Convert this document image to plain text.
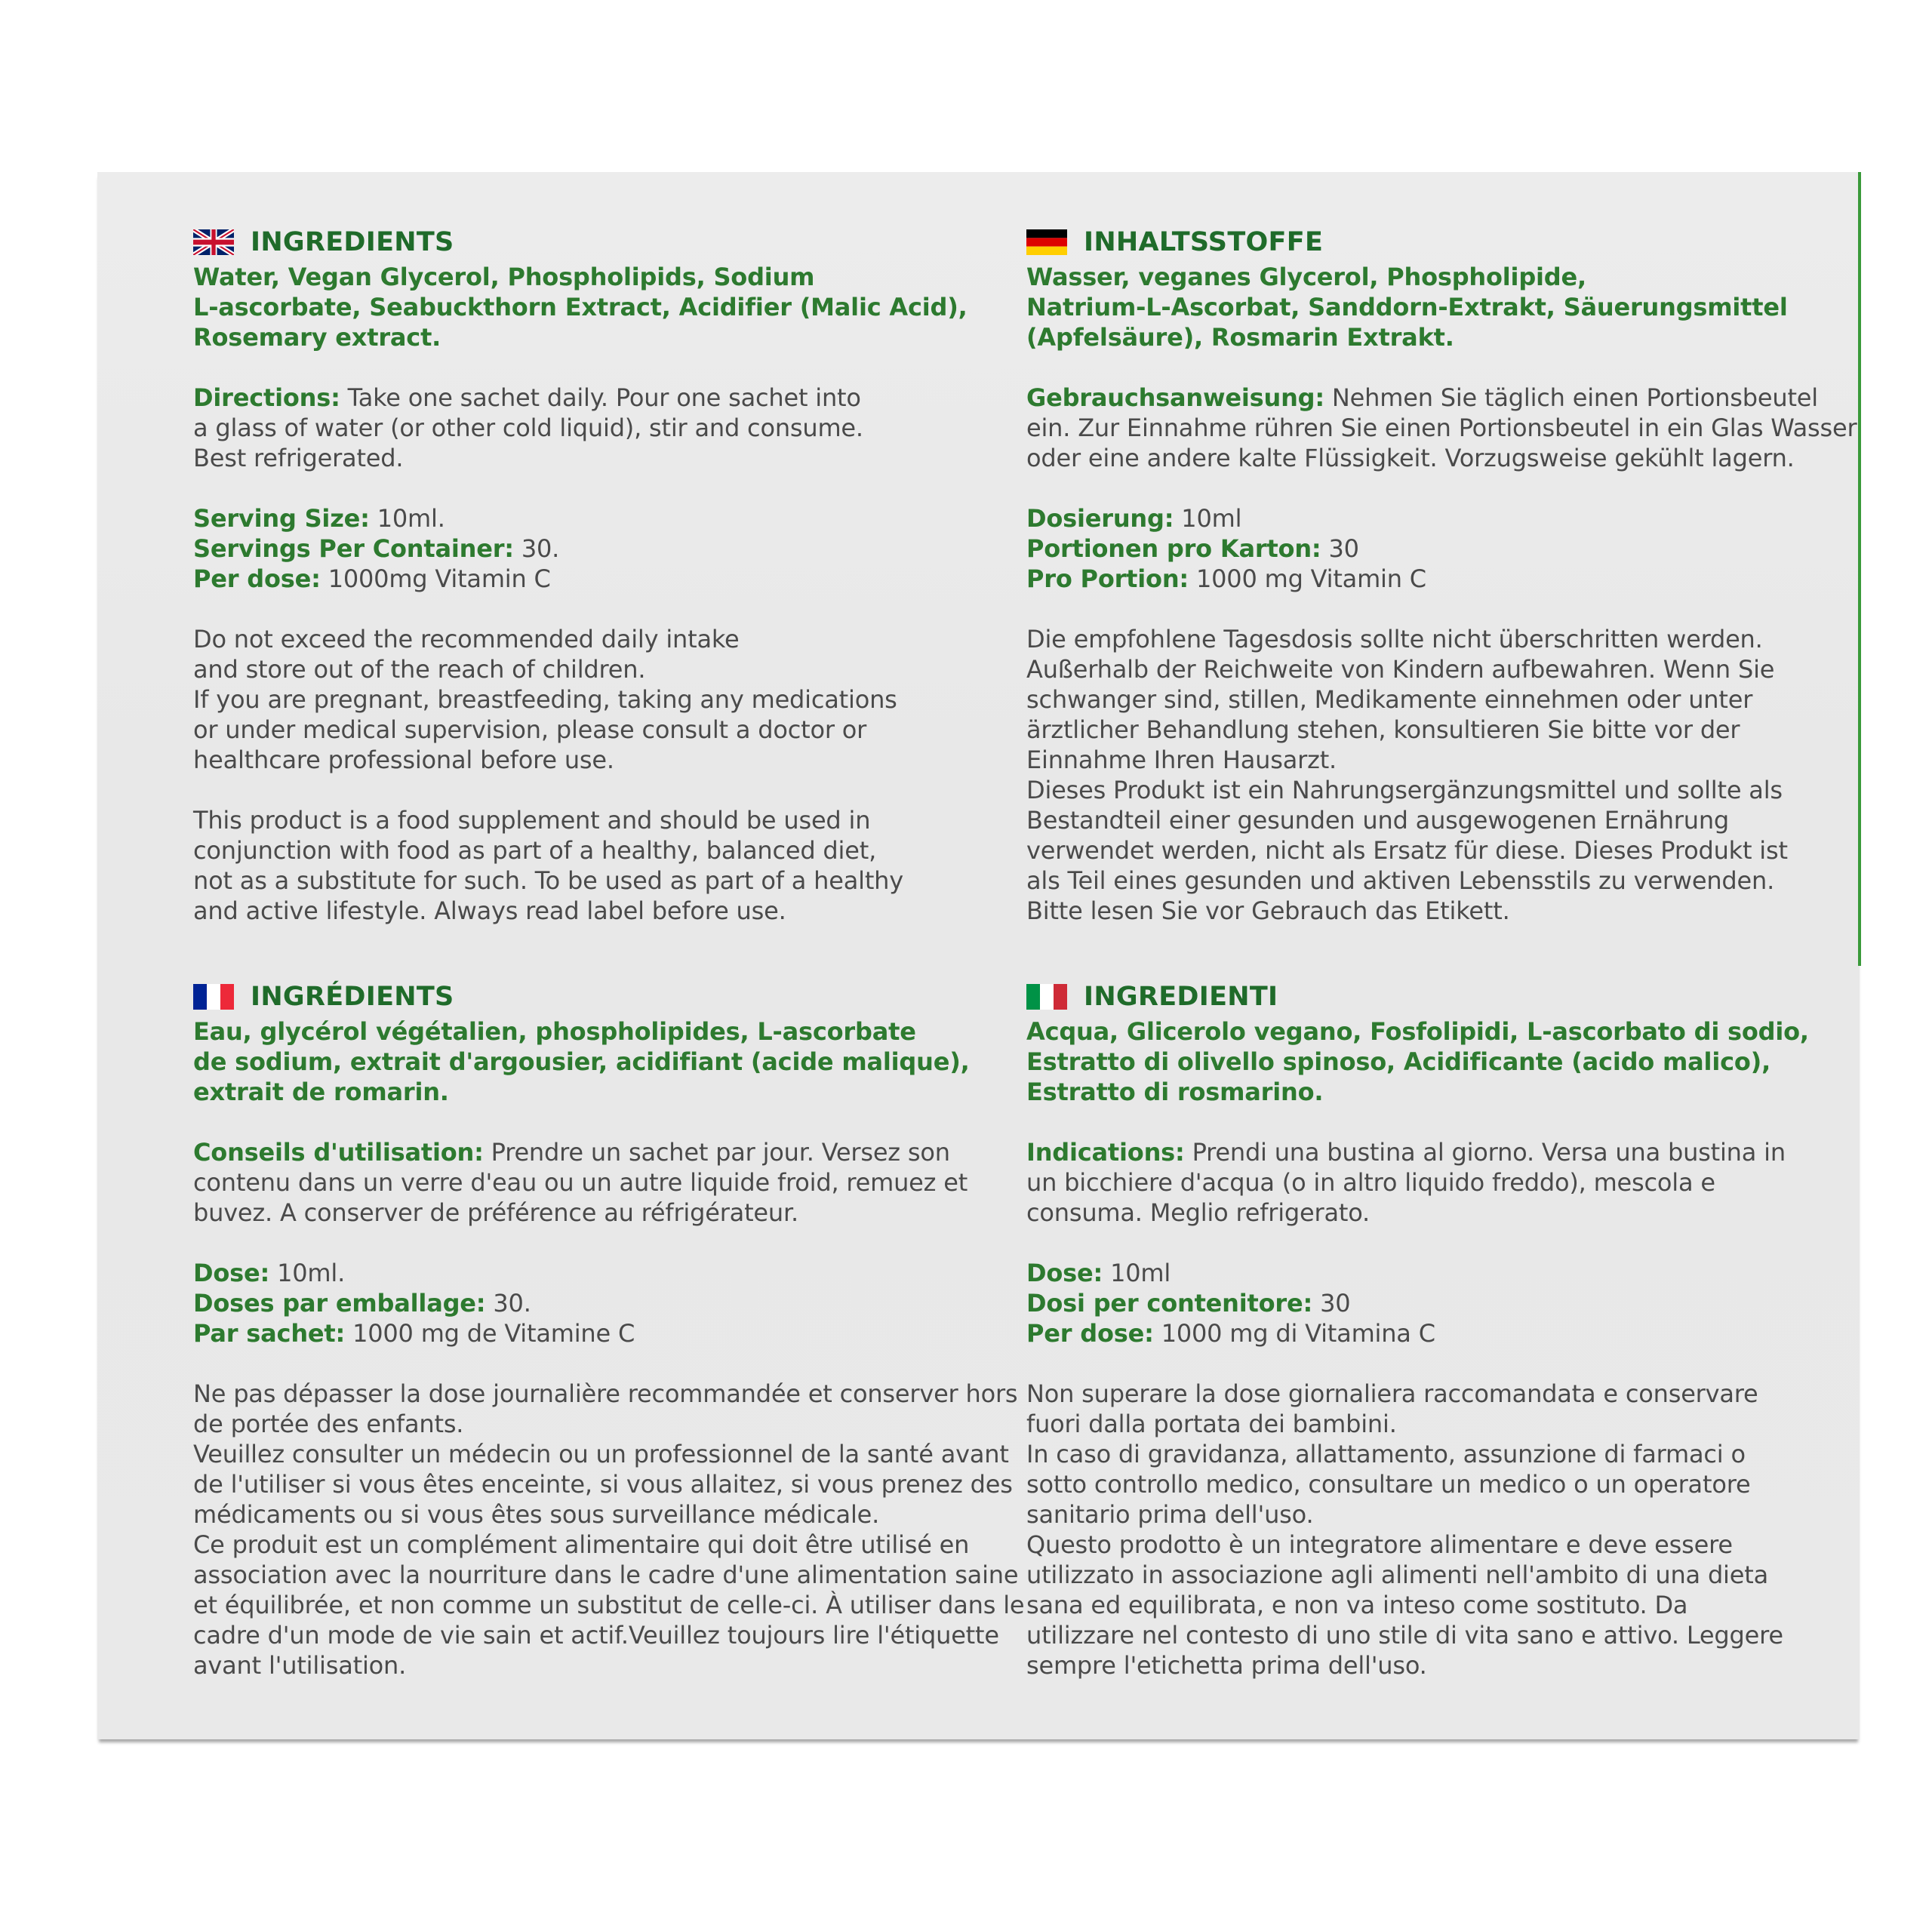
INGREDIENTS

Water, Vegan Glycerol, Phospholipids, Sodium
L-ascorbate, Seabuckthorn Extract, Acidifier (Malic Acid),
Rosemary extract.

Directions: Take one sachet daily. Pour one sachet into
a glass of water (or other cold liquid), stir and consume.
Best refrigerated.

Serving Size: 10ml.
Servings Per Container: 30.
Per dose: 1000mg Vitamin C

Do not exceed the recommended daily intake
and store out of the reach of children.
If you are pregnant, breastfeeding, taking any medications
or under medical supervision, please consult a doctor or
healthcare professional before use.

This product is a food supplement and should be used in
conjunction with food as part of a healthy, balanced diet,
not as a substitute for such. To be used as part of a healthy
and active lifestyle. Always read label before use.

INHALTSSTOFFE

Wasser, veganes Glycerol, Phospholipide,
Natrium-L-Ascorbat, Sanddorn-Extrakt, Säuerungsmittel
(Apfelsäure), Rosmarin Extrakt.

Gebrauchsanweisung: Nehmen Sie täglich einen Portionsbeutel
ein. Zur Einnahme rühren Sie einen Portionsbeutel in ein Glas Wasser
oder eine andere kalte Flüssigkeit. Vorzugsweise gekühlt lagern.

Dosierung: 10ml
Portionen pro Karton: 30
Pro Portion: 1000 mg Vitamin C

Die empfohlene Tagesdosis sollte nicht überschritten werden.
Außerhalb der Reichweite von Kindern aufbewahren. Wenn Sie
schwanger sind, stillen, Medikamente einnehmen oder unter
ärztlicher Behandlung stehen, konsultieren Sie bitte vor der
Einnahme Ihren Hausarzt.
Dieses Produkt ist ein Nahrungsergänzungsmittel und sollte als
Bestandteil einer gesunden und ausgewogenen Ernährung
verwendet werden, nicht als Ersatz für diese. Dieses Produkt ist
als Teil eines gesunden und aktiven Lebensstils zu verwenden.
Bitte lesen Sie vor Gebrauch das Etikett.

INGRÉDIENTS

Eau, glycérol végétalien, phospholipides, L-ascorbate
de sodium, extrait d'argousier, acidifiant (acide malique),
extrait de romarin.

Conseils d'utilisation: Prendre un sachet par jour. Versez son
contenu dans un verre d'eau ou un autre liquide froid, remuez et
buvez. A conserver de préférence au réfrigérateur.

Dose: 10ml.
Doses par emballage: 30.
Par sachet: 1000 mg de Vitamine C

Ne pas dépasser la dose journalière recommandée et conserver hors
de portée des enfants.
Veuillez consulter un médecin ou un professionnel de la santé avant
de l'utiliser si vous êtes enceinte, si vous allaitez, si vous prenez des
médicaments ou si vous êtes sous surveillance médicale.
Ce produit est un complément alimentaire qui doit être utilisé en
association avec la nourriture dans le cadre d'une alimentation saine
et équilibrée, et non comme un substitut de celle-ci. À utiliser dans le
cadre d'un mode de vie sain et actif.Veuillez toujours lire l'étiquette
avant l'utilisation.

INGREDIENTI

Acqua, Glicerolo vegano, Fosfolipidi, L-ascorbato di sodio,
Estratto di olivello spinoso, Acidificante (acido malico),
Estratto di rosmarino.

Indications: Prendi una bustina al giorno. Versa una bustina in
un bicchiere d'acqua (o in altro liquido freddo), mescola e
consuma. Meglio refrigerato.

Dose: 10ml
Dosi per contenitore: 30
Per dose: 1000 mg di Vitamina C

Non superare la dose giornaliera raccomandata e conservare
fuori dalla portata dei bambini.
In caso di gravidanza, allattamento, assunzione di farmaci o
sotto controllo medico, consultare un medico o un operatore
sanitario prima dell'uso.
Questo prodotto è un integratore alimentare e deve essere
utilizzato in associazione agli alimenti nell'ambito di una dieta
sana ed equilibrata, e non va inteso come sostituto. Da
utilizzare nel contesto di uno stile di vita sano e attivo. Leggere
sempre l'etichetta prima dell'uso.
